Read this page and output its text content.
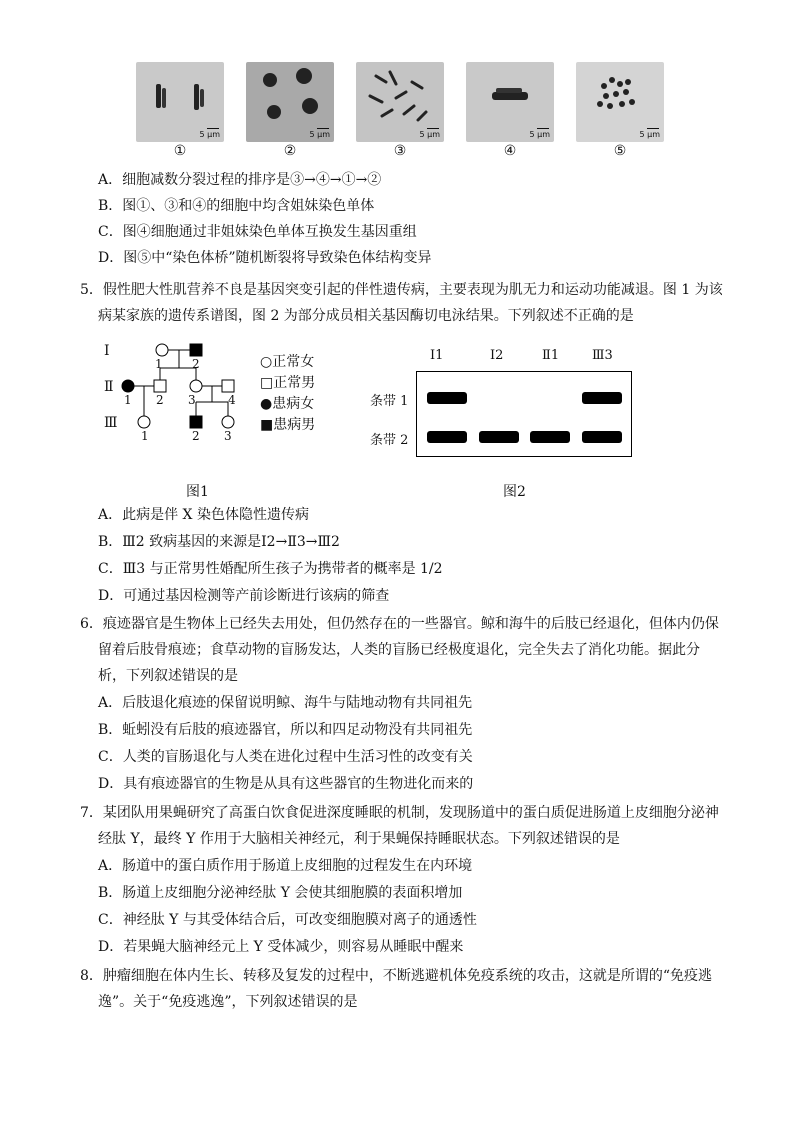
5 μm	5 μm	5 μm	5 μm	5 μm
①	②	③	④	⑤
A．细胞减数分裂过程的排序是③→④→①→②
B．图①、③和④的细胞中均含姐妹染色单体
C．图④细胞通过非姐妹染色单体互换发生基因重组
D．图⑤中“染色体桥”随机断裂将导致染色体结构变异
5．假性肥大性肌营养不良是基因突变引起的伴性遗传病，主要表现为肌无力和运动功能减退。图 1 为该
病某家族的遗传系谱图，图 2 为部分成员相关基因酶切电泳结果。下列叙述不正确的是
Ⅰ
Ⅱ
Ⅲ
1 2
1 2 3	4
1	2 3
○正常女
□正常男
●患病女
■患病男
图1
Ⅰ1	Ⅰ2	Ⅱ1	Ⅲ3
条带 1
条带 2
图2
A．此病是伴 X 染色体隐性遗传病
B．Ⅲ2 致病基因的来源是Ⅰ2→Ⅱ3→Ⅲ2
C．Ⅲ3 与正常男性婚配所生孩子为携带者的概率是 1/2
D．可通过基因检测等产前诊断进行该病的筛查
6．痕迹器官是生物体上已经失去用处，但仍然存在的一些器官。鲸和海牛的后肢已经退化，但体内仍保
留着后肢骨痕迹；食草动物的盲肠发达，人类的盲肠已经极度退化，完全失去了消化功能。据此分
析，下列叙述错误的是
A．后肢退化痕迹的保留说明鲸、海牛与陆地动物有共同祖先
B．蚯蚓没有后肢的痕迹器官，所以和四足动物没有共同祖先
C．人类的盲肠退化与人类在进化过程中生活习性的改变有关
D．具有痕迹器官的生物是从具有这些器官的生物进化而来的
7．某团队用果蝇研究了高蛋白饮食促进深度睡眠的机制，发现肠道中的蛋白质促进肠道上皮细胞分泌神
经肽 Y，最终 Y 作用于大脑相关神经元，利于果蝇保持睡眠状态。下列叙述错误的是
A．肠道中的蛋白质作用于肠道上皮细胞的过程发生在内环境
B．肠道上皮细胞分泌神经肽 Y 会使其细胞膜的表面积增加
C．神经肽 Y 与其受体结合后，可改变细胞膜对离子的通透性
D．若果蝇大脑神经元上 Y 受体减少，则容易从睡眠中醒来
8．肿瘤细胞在体内生长、转移及复发的过程中，不断逃避机体免疫系统的攻击，这就是所谓的“免疫逃
逸”。关于“免疫逃逸”，下列叙述错误的是
